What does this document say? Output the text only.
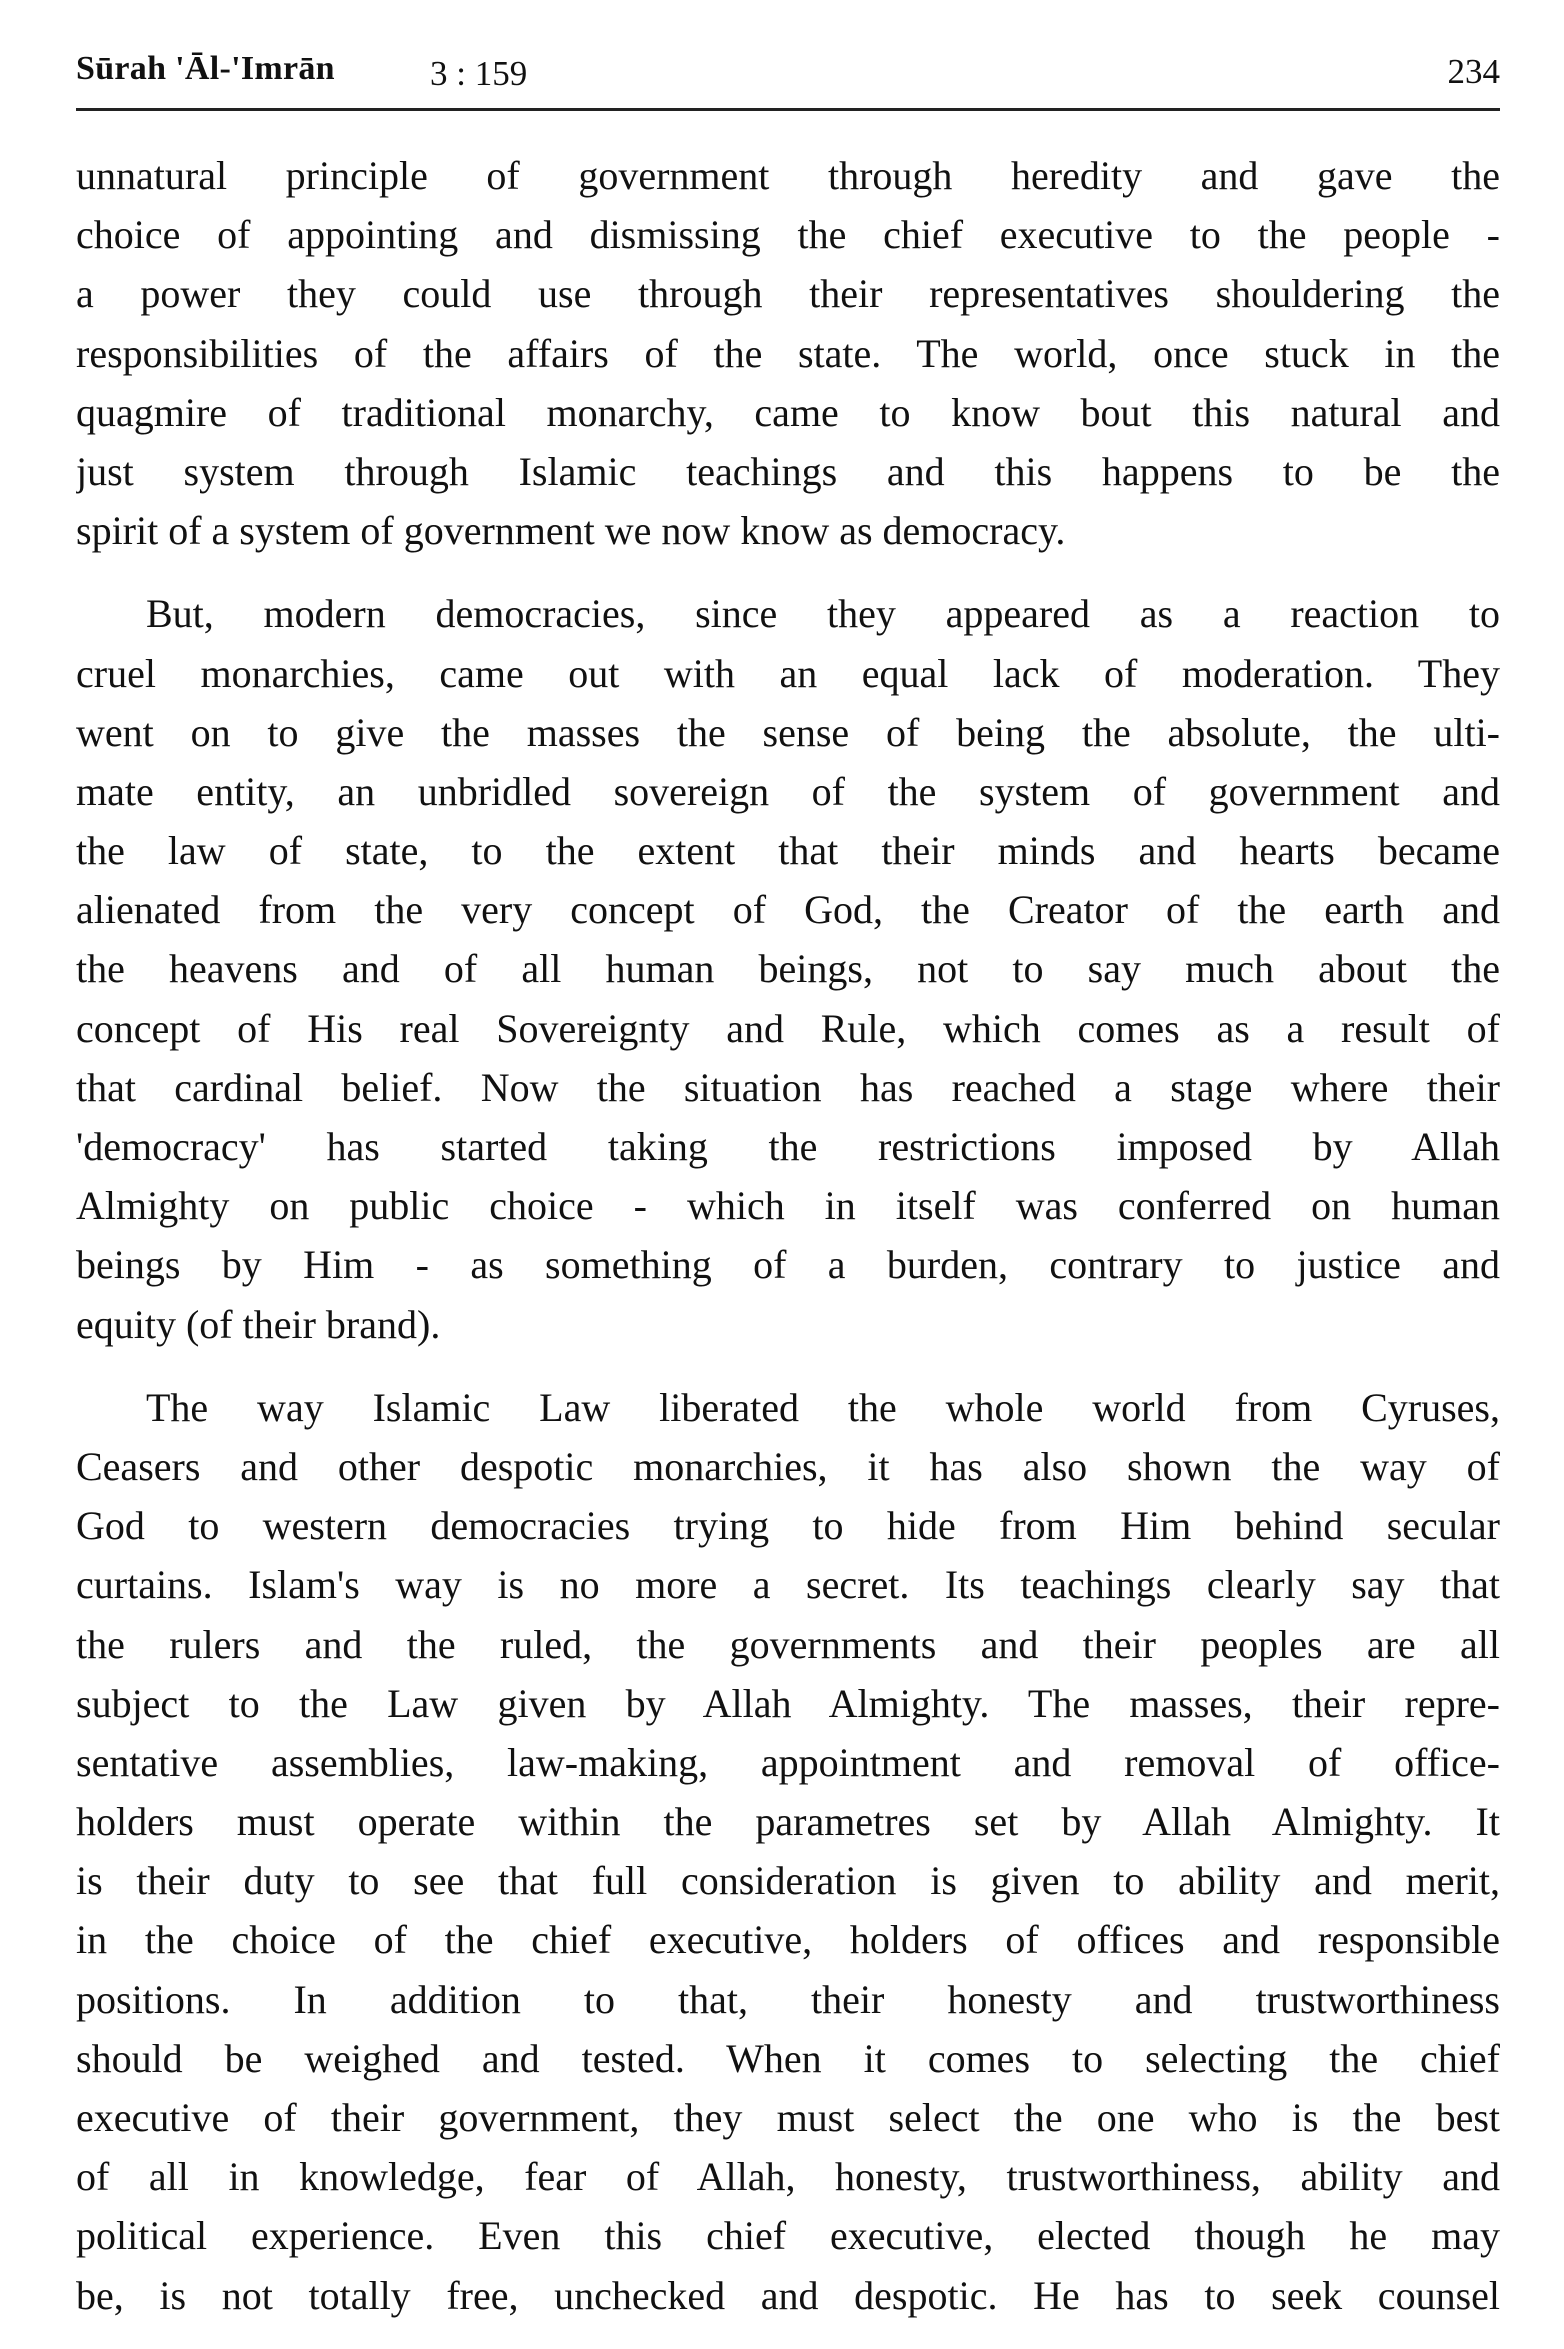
Sūrah 'Āl-'Imrān	3 : 159	234

unnatural principle of government through heredity and gave the
choice of appointing and dismissing the chief executive to the people -
a power they could use through their representatives shouldering the
responsibilities of the affairs of the state. The world, once stuck in the
quagmire of traditional monarchy, came to know bout this natural and
just system through Islamic teachings and this happens to be the
spirit of a system of government we now know as democracy.

But, modern democracies, since they appeared as a reaction to
cruel monarchies, came out with an equal lack of moderation. They
went on to give the masses the sense of being the absolute, the ulti-
mate entity, an unbridled sovereign of the system of government and
the law of state, to the extent that their minds and hearts became
alienated from the very concept of God, the Creator of the earth and
the heavens and of all human beings, not to say much about the
concept of His real Sovereignty and Rule, which comes as a result of
that cardinal belief. Now the situation has reached a stage where their
'democracy' has started taking the restrictions imposed by Allah
Almighty on public choice - which in itself was conferred on human
beings by Him - as something of a burden, contrary to justice and
equity (of their brand).

The way Islamic Law liberated the whole world from Cyruses,
Ceasers and other despotic monarchies, it has also shown the way of
God to western democracies trying to hide from Him behind secular
curtains. Islam's way is no more a secret. Its teachings clearly say that
the rulers and the ruled, the governments and their peoples are all
subject to the Law given by Allah Almighty. The masses, their repre-
sentative assemblies, law-making, appointment and removal of office-
holders must operate within the parametres set by Allah Almighty. It
is their duty to see that full consideration is given to ability and merit,
in the choice of the chief executive, holders of offices and responsible
positions. In addition to that, their honesty and trustworthiness
should be weighed and tested. When it comes to selecting the chief
executive of their government, they must select the one who is the best
of all in knowledge, fear of Allah, honesty, trustworthiness, ability and
political experience. Even this chief executive, elected though he may
be, is not totally free, unchecked and despotic. He has to seek counsel
